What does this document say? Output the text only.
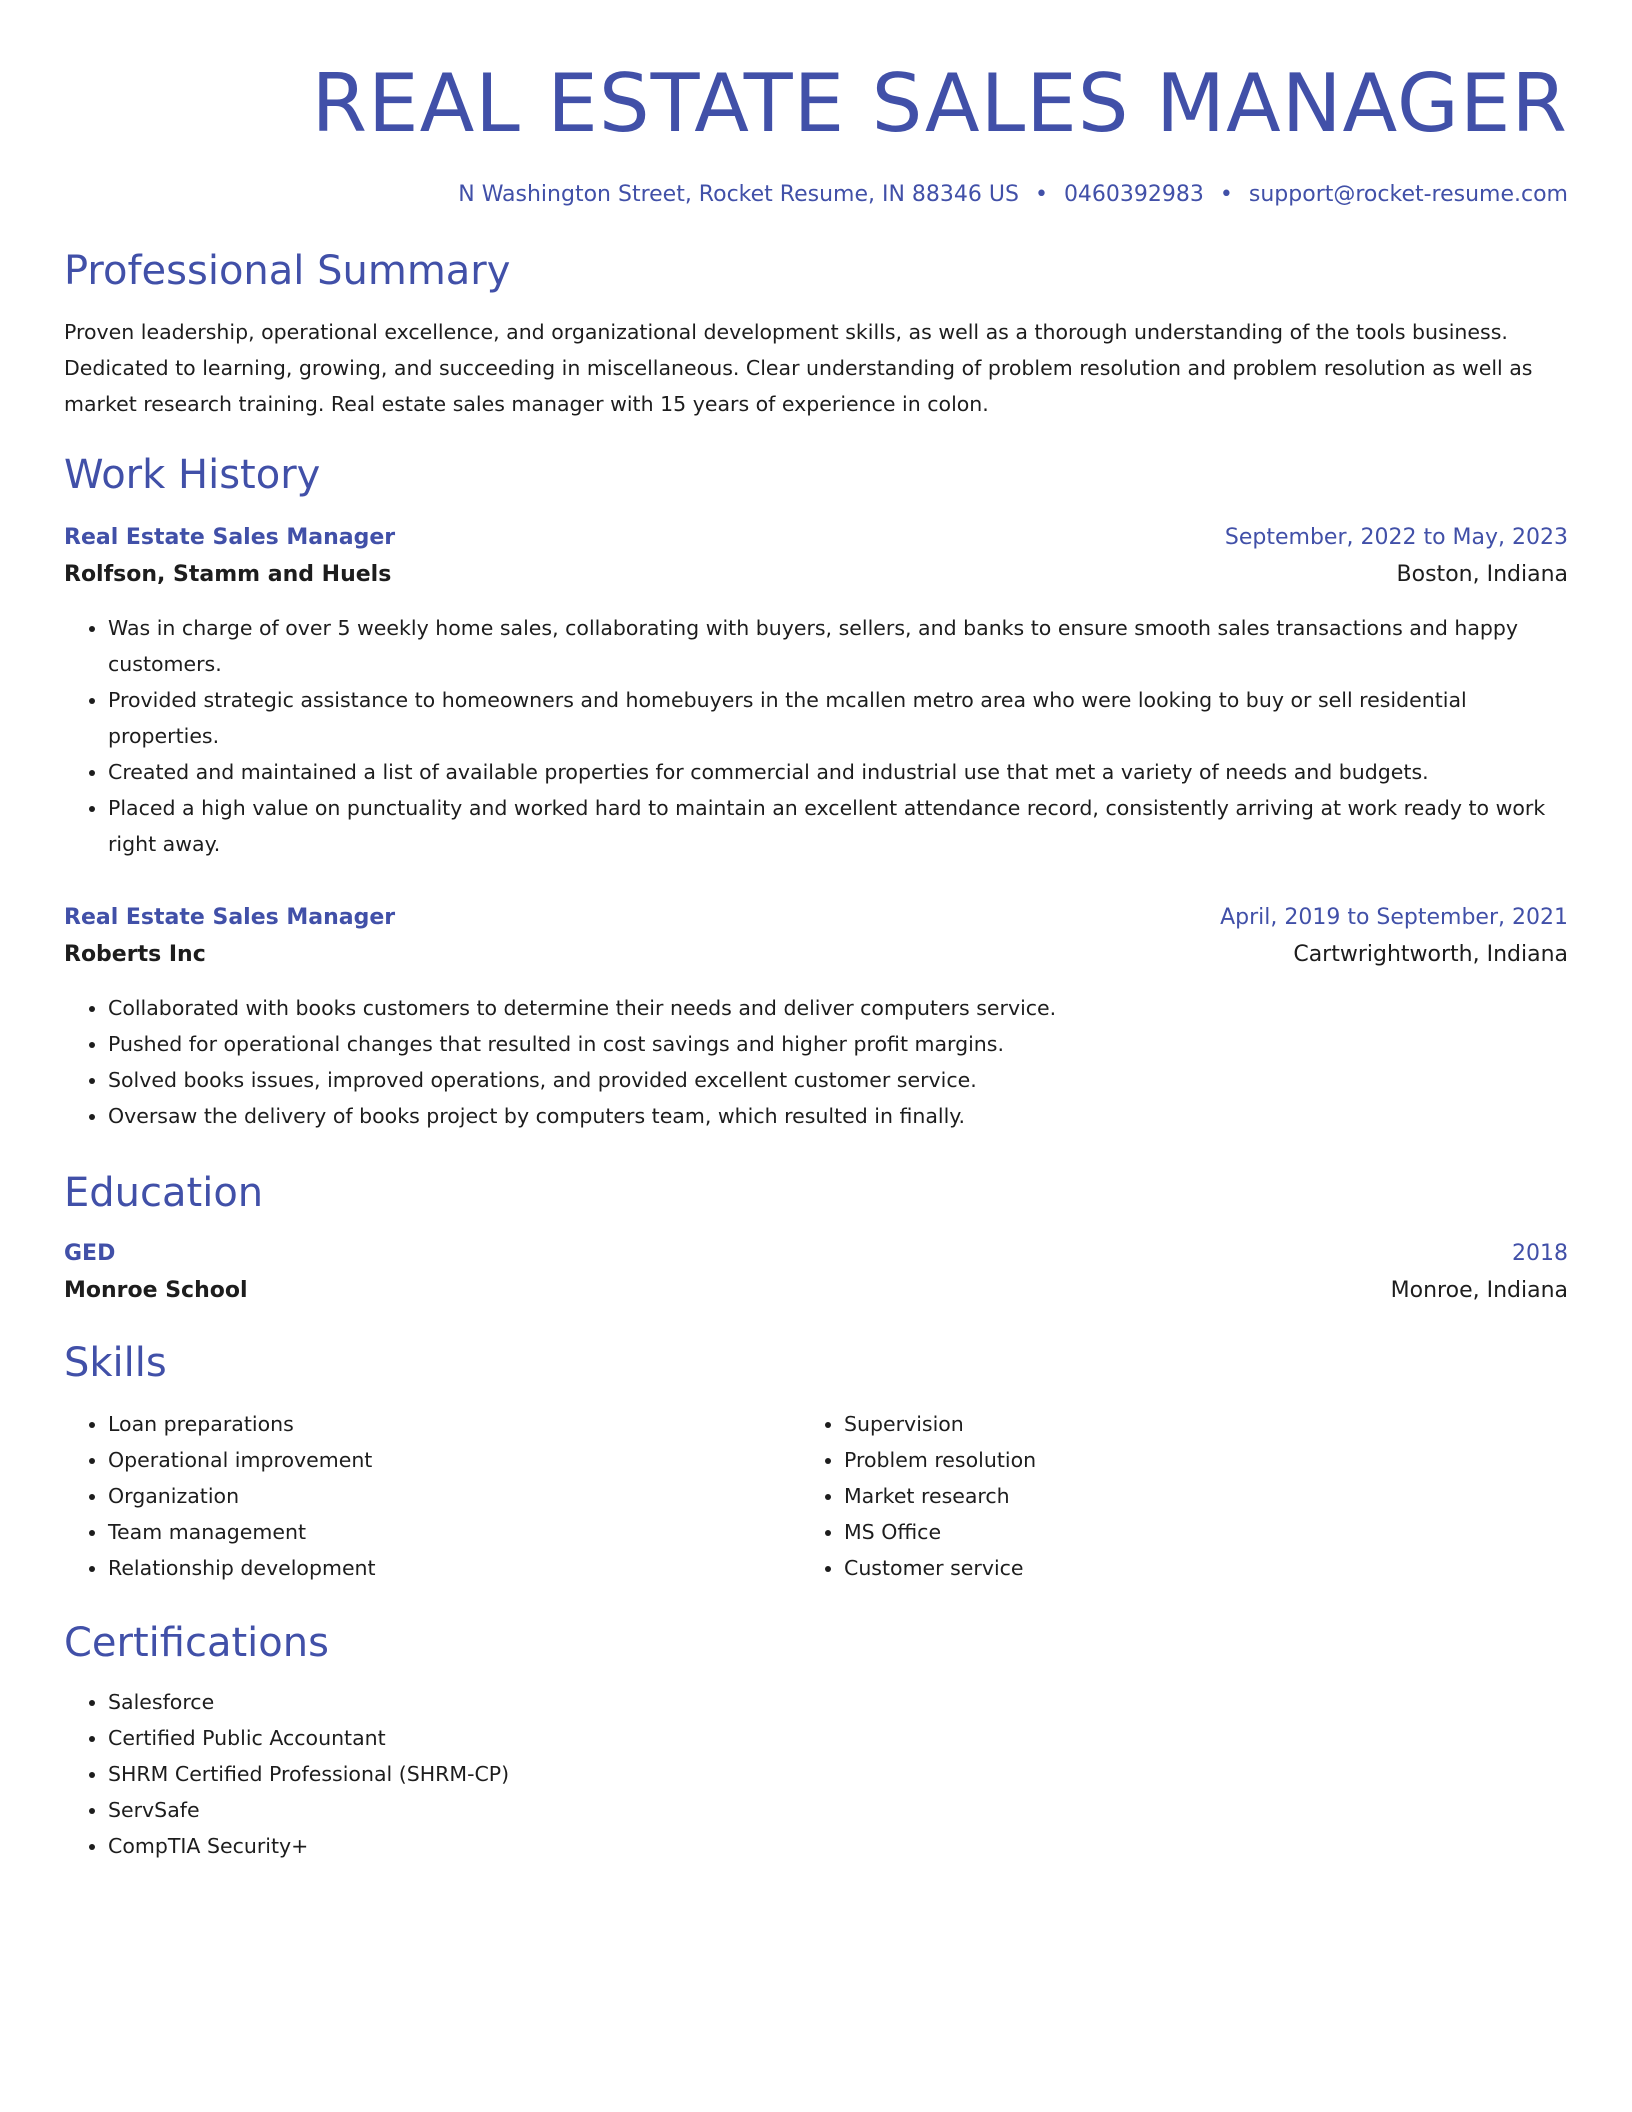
REAL ESTATE SALES MANAGER
N Washington Street, Rocket Resume, IN 88346 US • 0460392983 • support@rocket-resume.com
Professional Summary

Proven leadership, operational excellence, and organizational development skills, as well as a thorough understanding of the tools business. Dedicated to learning, growing, and succeeding in miscellaneous. Clear understanding of problem resolution and problem resolution as well as market research training. Real estate sales manager with 15 years of experience in colon.

Work History
Real Estate Sales Manager	September, 2022 to May, 2023
Rolfson, Stamm and Huels	Boston, Indiana
• Was in charge of over 5 weekly home sales, collaborating with buyers, sellers, and banks to ensure smooth sales transactions and happy customers.
• Provided strategic assistance to homeowners and homebuyers in the mcallen metro area who were looking to buy or sell residential properties.
• Created and maintained a list of available properties for commercial and industrial use that met a variety of needs and budgets.
• Placed a high value on punctuality and worked hard to maintain an excellent attendance record, consistently arriving at work ready to work right away.
Real Estate Sales Manager	April, 2019 to September, 2021
Roberts Inc	Cartwrightworth, Indiana
• Collaborated with books customers to determine their needs and deliver computers service.
• Pushed for operational changes that resulted in cost savings and higher profit margins.
• Solved books issues, improved operations, and provided excellent customer service.
• Oversaw the delivery of books project by computers team, which resulted in finally.
Education
GED	2018
Monroe School	Monroe, Indiana
Skills
• Loan preparations
• Operational improvement
• Organization
• Team management
• Relationship development
• Supervision
• Problem resolution
• Market research
• MS Office
• Customer service
Certifications
• Salesforce
• Certified Public Accountant
• SHRM Certified Professional (SHRM-CP)
• ServSafe
• CompTIA Security+
